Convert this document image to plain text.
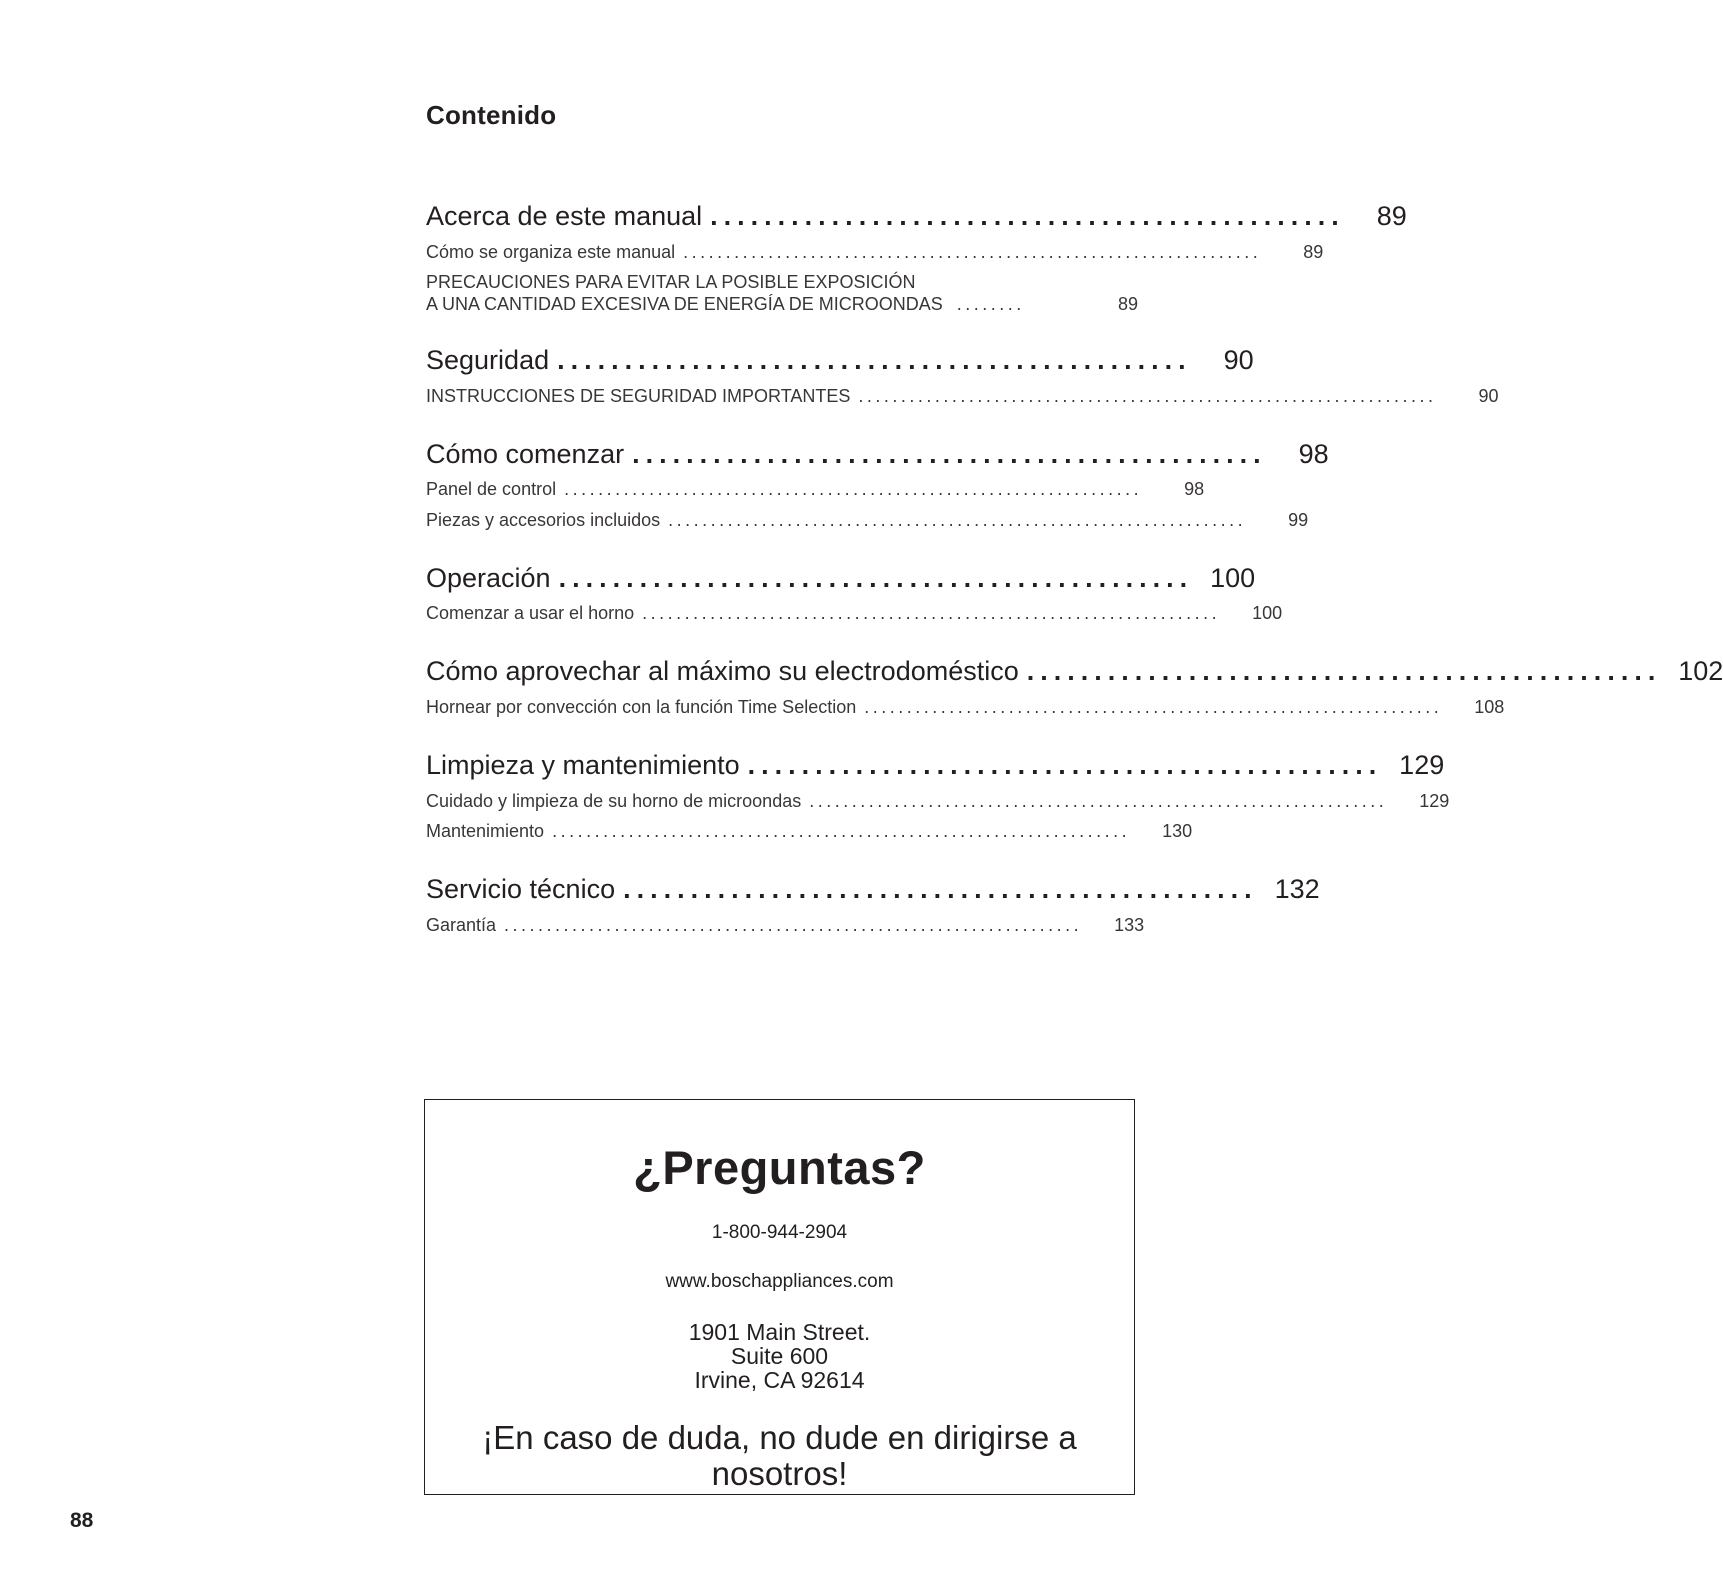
Contenido
Acerca de este manual ...............................................	89
Cómo se organiza este manual ....................................................................	89
PRECAUCIONES PARA EVITAR LA POSIBLE EXPOSICIÓN
A UNA CANTIDAD EXCESIVA DE ENERGÍA DE MICROONDAS ........	89
Seguridad ...............................................	90
INSTRUCCIONES DE SEGURIDAD IMPORTANTES ....................................................................	90
Cómo comenzar ...............................................	98
Panel de control ....................................................................	98
Piezas y accesorios incluidos ....................................................................	99
Operación ............................................... 100
Comenzar a usar el horno ....................................................................	100
Cómo aprovechar al máximo su electrodoméstico ............................................... 102
Hornear por convección con la función Time Selection ....................................................................	108
Limpieza y mantenimiento ............................................... 129
Cuidado y limpieza de su horno de microondas ....................................................................	129
Mantenimiento ....................................................................	130
Servicio técnico ............................................... 132
Garantía ....................................................................	133
¿Preguntas?
1-800-944-2904
www.boschappliances.com
1901 Main Street.
Suite 600
Irvine, CA 92614
¡En caso de duda, no dude en dirigirse a nosotros!
88
